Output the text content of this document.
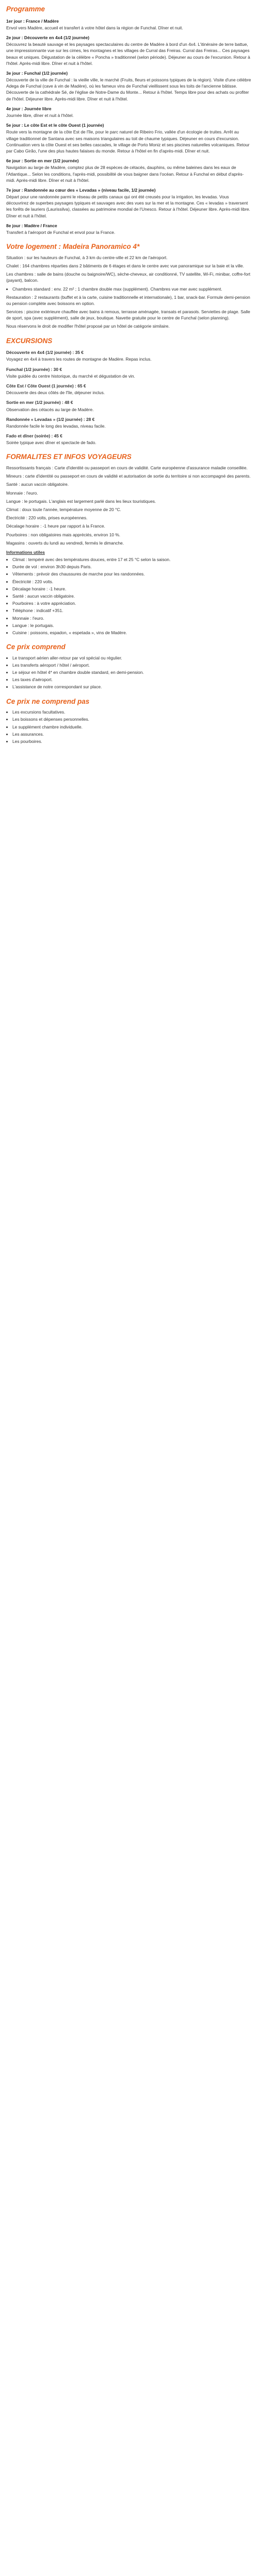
Programme
1er jour : France / Madère

Envol vers Madère, accueil et transfert à votre hôtel dans la région de Funchal. Dîner et nuit.

2e jour : Découverte en 4x4 (1/2 journée)

Découvrez la beauté sauvage et les paysages spectaculaires du centre de Madère à bord d'un 4x4. L'itinéraire de terre battue, une impressionnante vue sur les cimes, les montagnes et les villages de Curral das Freiras. Curral das Freiras... Ces paysages beaux et uniques. Dégustation de la célèbre « Poncha » traditionnel (selon période). Déjeuner au cours de l'excursion. Retour à l'hôtel. Après-midi libre. Dîner et nuit à l'hôtel.

3e jour : Funchal (1/2 journée)

Découverte de la ville de Funchal : la vieille ville, le marché (Fruits, fleurs et poissons typiques de la région). Visite d'une célèbre Adega de Funchal (cave à vin de Madère), où les fameux vins de Funchal vieillissent sous les toits de l'ancienne bâtisse. Découverte de la cathédrale Sé, de l'église de Notre-Dame du Monte... Retour à l'hôtel. Temps libre pour des achats ou profiter de l'hôtel. Déjeuner libre. Après-midi libre. Dîner et nuit à l'hôtel.

4e jour : Journée libre

Journée libre, dîner et nuit à l'hôtel.

5e jour : Le côte Est et le côte Ouest (1 journée)

Route vers la montagne de la côte Est de l'île, pour le parc naturel de Ribeiro Frio, vallée d'un écologie de truites. Arrêt au village traditionnel de Santana avec ses maisons triangulaires au toit de chaume typiques. Déjeuner en cours d'excursion. Continuation vers la côte Ouest et ses belles cascades, le village de Porto Moniz et ses piscines naturelles volcaniques. Retour par Cabo Girão, l'une des plus hautes falaises du monde. Retour à l'hôtel en fin d'après-midi. Dîner et nuit.

6e jour : Sortie en mer (1/2 journée)

Navigation au large de Madère, comptez plus de 28 espèces de cétacés, dauphins, ou même baleines dans les eaux de l'Atlantique... Selon les conditions, l'après-midi, possibilité de vous baigner dans l'océan. Retour à Funchal en début d'après-midi. Après-midi libre. Dîner et nuit à l'hôtel.

7e jour : Randonnée au cœur des « Levadas » (niveau facile, 1/2 journée)

Départ pour une randonnée parmi le réseau de petits canaux qui ont été creusés pour la irrigation, les levadas. Vous découvrirez de superbes paysages typiques et sauvages avec des vues sur la mer et la montagne. Ces « levadas » traversent les forêts de lauriers (Laurissilva), classées au patrimoine mondial de l'Unesco. Retour à l'hôtel. Déjeuner libre. Après-midi libre. Dîner et nuit à l'hôtel.

8e jour : Madère / France

Transfert à l'aéroport de Funchal et envol pour la France.

Votre logement : Madeira Panoramico 4*

Situation : sur les hauteurs de Funchal, à 3 km du centre-ville et 22 km de l'aéroport.

Chalet : 164 chambres réparties dans 2 bâtiments de 6 étages et dans le centre avec vue panoramique sur la baie et la ville.

Les chambres : salle de bains (douche ou baignoire/WC), sèche-cheveux, air conditionné, TV satellite, Wi-Fi, minibar, coffre-fort (payant), balcon.

• Chambres standard : env. 22 m² ; 1 chambre double max (supplément). Chambres vue mer avec supplément.

Restauration : 2 restaurants (buffet et à la carte, cuisine traditionnelle et internationale), 1 bar, snack-bar. Formule demi-pension ou pension complète avec boissons en option.

Services : piscine extérieure chauffée avec bains à remous, terrasse aménagée, transats et parasols. Serviettes de plage. Salle de sport, spa (avec supplément), salle de jeux, boutique. Navette gratuite pour le centre de Funchal (selon planning).

Nous réservons le droit de modifier l'hôtel proposé par un hôtel de catégorie similaire.

EXCURSIONS
Découverte en 4x4 (1/2 journée) : 35 €

Voyagez en 4x4 à travers les routes de montagne de Madère. Repas inclus.

Funchal (1/2 journée) : 30 €

Visite guidée du centre historique, du marché et dégustation de vin.

Côte Est / Côte Ouest (1 journée) : 65 €

Découverte des deux côtés de l'île, déjeuner inclus.

Sortie en mer (1/2 journée) : 48 €

Observation des cétacés au large de Madère.

Randonnée « Levadas » (1/2 journée) : 28 €

Randonnée facile le long des levadas, niveau facile.

Fado et dîner (soirée) : 45 €

Soirée typique avec dîner et spectacle de fado.

FORMALITES ET INFOS VOYAGEURS

Ressortissants français : Carte d'identité ou passeport en cours de validité. Carte européenne d'assurance maladie conseillée.

Mineurs : carte d'identité ou passeport en cours de validité et autorisation de sortie du territoire si non accompagné des parents.

Santé : aucun vaccin obligatoire.

Monnaie : l'euro.

Langue : le portugais. L'anglais est largement parlé dans les lieux touristiques.

Climat : doux toute l'année, température moyenne de 20 °C.

Électricité : 220 volts, prises européennes.

Décalage horaire : -1 heure par rapport à la France.

Pourboires : non obligatoires mais appréciés, environ 10 %.

Magasins : ouverts du lundi au vendredi, fermés le dimanche.

Informations utiles
• Climat : tempéré avec des températures douces, entre 17 et 25 °C selon la saison.
• Durée de vol : environ 3h30 depuis Paris.
• Vêtements : prévoir des chaussures de marche pour les randonnées.
• Électricité : 220 volts.
• Décalage horaire : -1 heure.
• Santé : aucun vaccin obligatoire.
• Pourboires : à votre appréciation.
• Téléphone : indicatif +351.
• Monnaie : l'euro.
• Langue : le portugais.
• Cuisine : poissons, espadon, « espetada », vins de Madère.
Ce prix comprend
• Le transport aérien aller-retour par vol spécial ou régulier.
• Les transferts aéroport / hôtel / aéroport.
• Le séjour en hôtel 4* en chambre double standard, en demi-pension.
• Les taxes d'aéroport.
• L'assistance de notre correspondant sur place.
Ce prix ne comprend pas
• Les excursions facultatives.
• Les boissons et dépenses personnelles.
• Le supplément chambre individuelle.
• Les assurances.
• Les pourboires.
